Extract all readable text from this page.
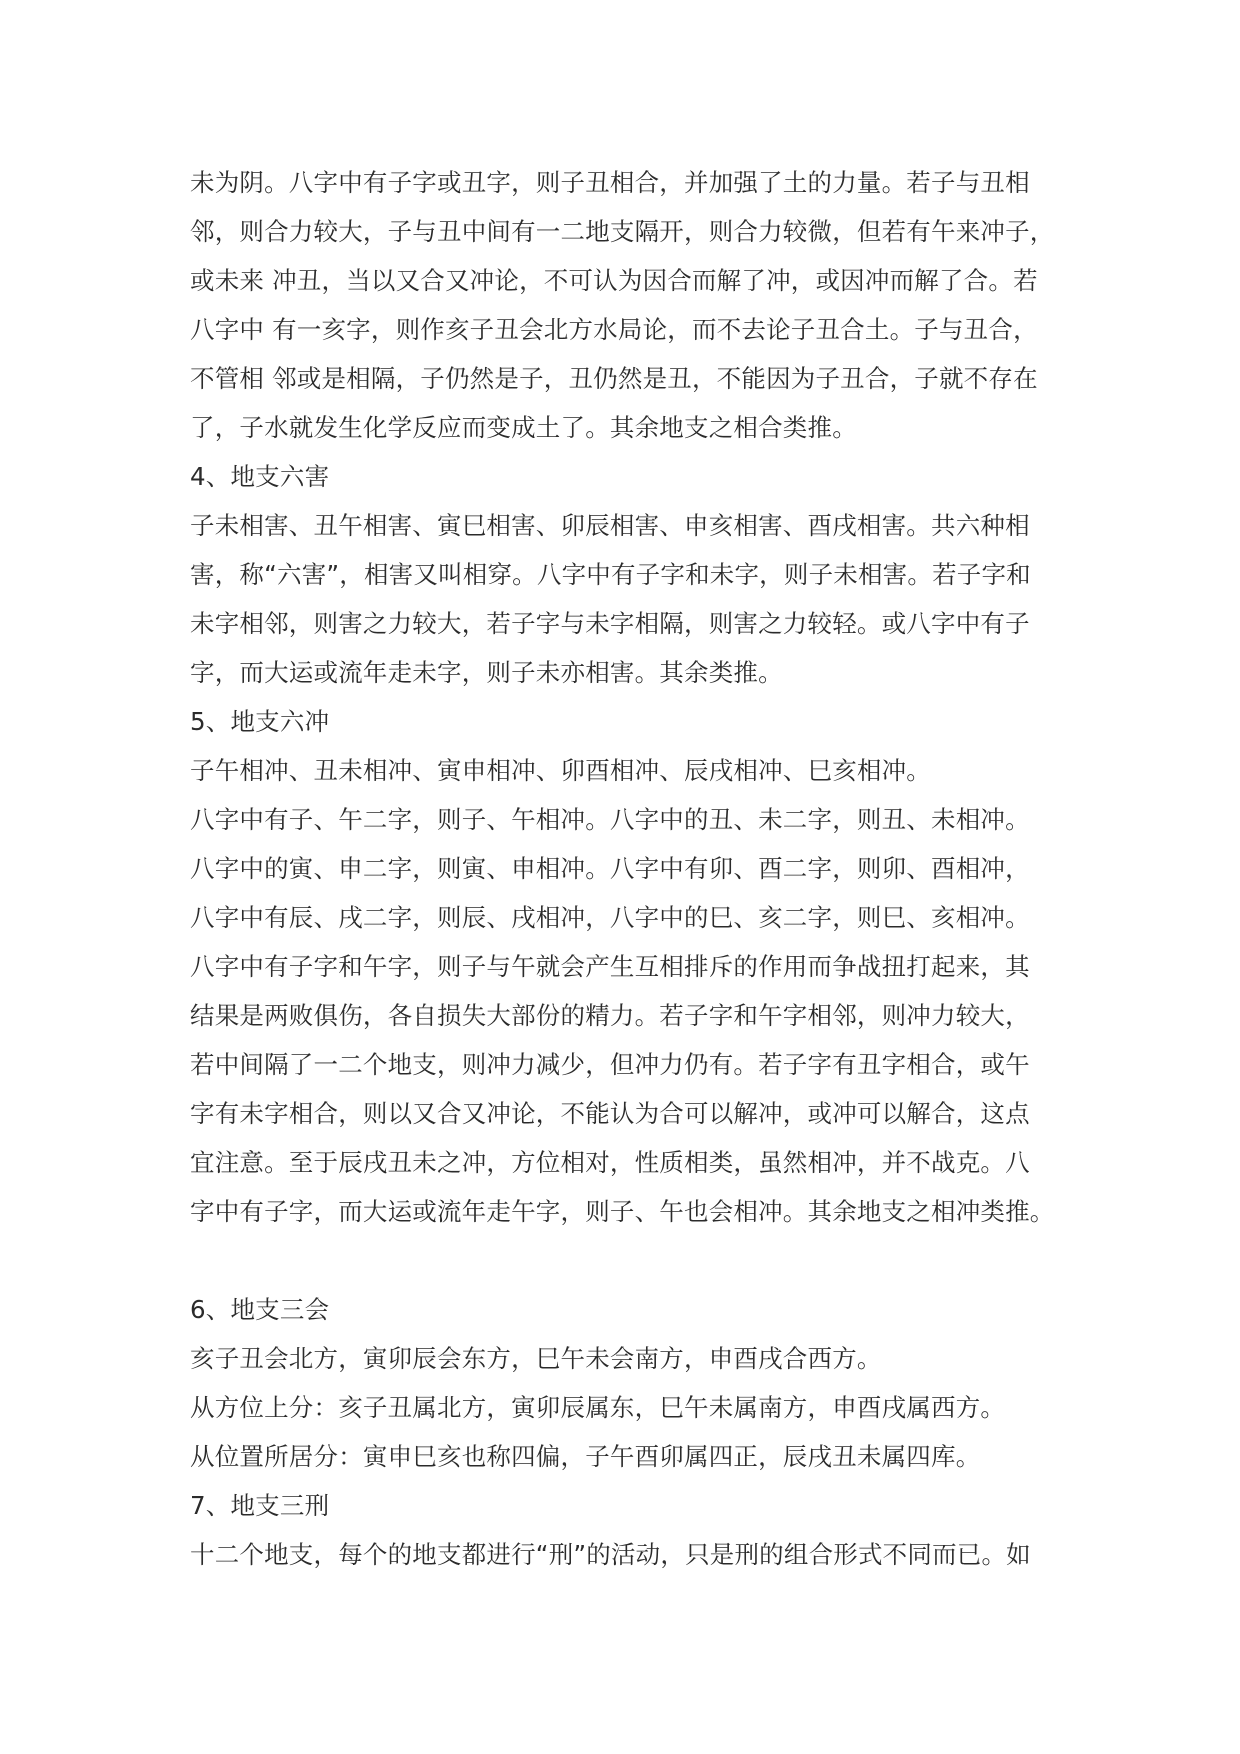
未为阴。八字中有子字或丑字，则子丑相合，并加强了土的力量。若子与丑相
邻，则合力较大，子与丑中间有一二地支隔开，则合力较微，但若有午来冲子，
或未来 冲丑，当以又合又冲论，不可认为因合而解了冲，或因冲而解了合。若
八字中 有一亥字，则作亥子丑会北方水局论，而不去论子丑合土。子与丑合，
不管相 邻或是相隔，子仍然是子，丑仍然是丑，不能因为子丑合，子就不存在
了，子水就发生化学反应而变成土了。其余地支之相合类推。
4、地支六害
子未相害、丑午相害、寅巳相害、卯辰相害、申亥相害、酉戌相害。共六种相
害，称“六害”，相害又叫相穿。八字中有子字和未字，则子未相害。若子字和
未字相邻，则害之力较大，若子字与未字相隔，则害之力较轻。或八字中有子
字，而大运或流年走未字，则子未亦相害。其余类推。
5、地支六冲
子午相冲、丑未相冲、寅申相冲、卯酉相冲、辰戌相冲、巳亥相冲。
八字中有子、午二字，则子、午相冲。八字中的丑、未二字，则丑、未相冲。
八字中的寅、申二字，则寅、申相冲。八字中有卯、酉二字，则卯、酉相冲，
八字中有辰、戌二字，则辰、戌相冲，八字中的巳、亥二字，则巳、亥相冲。
八字中有子字和午字，则子与午就会产生互相排斥的作用而争战扭打起来，其
结果是两败俱伤，各自损失大部份的精力。若子字和午字相邻，则冲力较大，
若中间隔了一二个地支，则冲力减少，但冲力仍有。若子字有丑字相合，或午
字有未字相合，则以又合又冲论，不能认为合可以解冲，或冲可以解合，这点
宜注意。至于辰戌丑未之冲，方位相对，性质相类，虽然相冲，并不战克。八
字中有子字，而大运或流年走午字，则子、午也会相冲。其余地支之相冲类推。
6、地支三会
亥子丑会北方，寅卯辰会东方，巳午未会南方，申酉戌合西方。
从方位上分：亥子丑属北方，寅卯辰属东，巳午未属南方，申酉戌属西方。
从位置所居分：寅申巳亥也称四偏，子午酉卯属四正，辰戌丑未属四库。
7、地支三刑
十二个地支，每个的地支都进行“刑”的活动，只是刑的组合形式不同而已。如
